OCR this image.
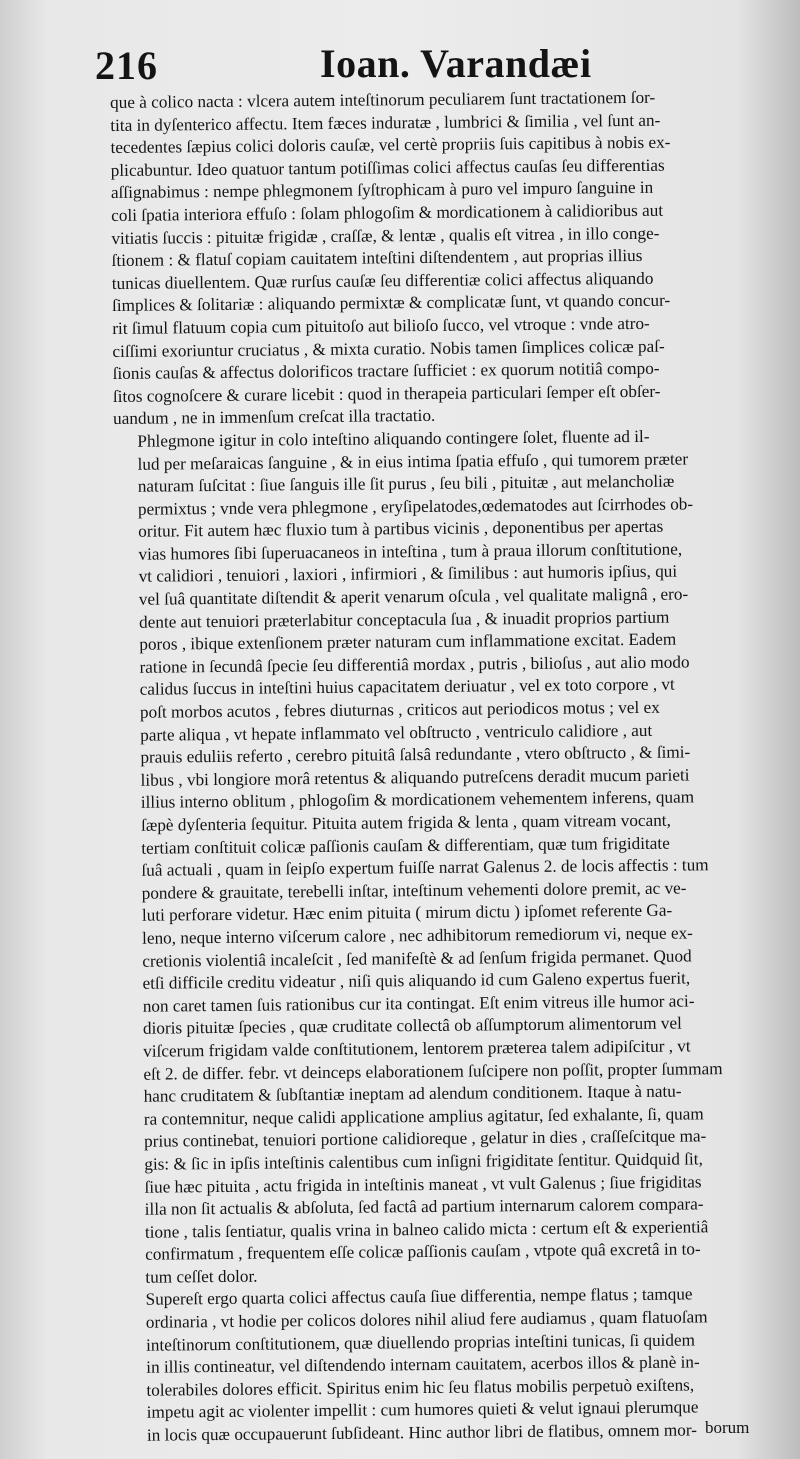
216	Ioan. Varandæi

que à colico nacta : vlcera autem inteſtinorum peculiarem ſunt tractationem ſor-
tita in dyſenterico affectu. Item fæces induratæ , lumbrici & ſimilia , vel ſunt an-
tecedentes ſæpius colici doloris cauſæ, vel certè propriis ſuis capitibus à nobis ex-
plicabuntur. Ideo quatuor tantum potiſſimas colici affectus cauſas ſeu differentias
aſſignabimus : nempe phlegmonem ſyſtrophicam à puro vel impuro ſanguine in
coli ſpatia interiora effuſo : ſolam phlogoſim & mordicationem à calidioribus aut
vitiatis ſuccis : pituitæ frigidæ , craſſæ, & lentæ , qualis eſt vitrea , in illo conge-
ſtionem : & flatuſ copiam cauitatem inteſtini diſtendentem , aut proprias illius
tunicas diuellentem. Quæ rurſus cauſæ ſeu differentiæ colici affectus aliquando
ſimplices & ſolitariæ : aliquando permixtæ & complicatæ ſunt, vt quando concur-
rit ſimul flatuum copia cum pituitoſo aut bilioſo ſucco, vel vtroque : vnde atro-
ciſſimi exoriuntur cruciatus , & mixta curatio. Nobis tamen ſimplices colicæ paſ-
ſionis cauſas & affectus dolorificos tractare ſufficiet : ex quorum notitiâ compo-
ſitos cognoſcere & curare licebit : quod in therapeia particulari ſemper eſt obſer-
uandum , ne in immenſum creſcat illa tractatio.

Phlegmone igitur in colo inteſtino aliquando contingere ſolet, fluente ad il-
lud per meſaraicas ſanguine , & in eius intima ſpatia effuſo , qui tumorem præter
naturam ſuſcitat : ſiue ſanguis ille ſit purus , ſeu bili , pituitæ , aut melancholiæ
permixtus ; vnde vera phlegmone , eryſipelatodes,œdematodes aut ſcirrhodes ob-
oritur. Fit autem hæc fluxio tum à partibus vicinis , deponentibus per apertas
vias humores ſibi ſuperuacaneos in inteſtina , tum à praua illorum conſtitutione,
vt calidiori , tenuiori , laxiori , infirmiori , & ſimilibus : aut humoris ipſius, qui
vel ſuâ quantitate diſtendit & aperit venarum oſcula , vel qualitate malignâ , ero-
dente aut tenuiori præterlabitur conceptacula ſua , & inuadit proprios partium
poros , ibique extenſionem præter naturam cum inflammatione excitat. Eadem
ratione in ſecundâ ſpecie ſeu differentiâ mordax , putris , bilioſus , aut alio modo
calidus ſuccus in inteſtini huius capacitatem deriuatur , vel ex toto corpore , vt
poſt morbos acutos , febres diuturnas , criticos aut periodicos motus ; vel ex
parte aliqua , vt hepate inflammato vel obſtructo , ventriculo calidiore , aut
prauis eduliis referto , cerebro pituitâ ſalsâ redundante , vtero obſtructo , & ſimi-
libus , vbi longiore morâ retentus & aliquando putreſcens deradit mucum parieti
illius interno oblitum , phlogoſim & mordicationem vehementem inferens, quam
ſæpè dyſenteria ſequitur. Pituita autem frigida & lenta , quam vitream vocant,
tertiam conſtituit colicæ paſſionis cauſam & differentiam, quæ tum frigiditate
ſuâ actuali , quam in ſeipſo expertum fuiſſe narrat Galenus 2. de locis affectis : tum
pondere & grauitate, terebelli inſtar, inteſtinum vehementi dolore premit, ac ve-
luti perforare videtur. Hæc enim pituita ( mirum dictu ) ipſomet referente Ga-
leno, neque interno viſcerum calore , nec adhibitorum remediorum vi, neque ex-
cretionis violentiâ incaleſcit , ſed manifeſtè & ad ſenſum frigida permanet. Quod
etſi difficile creditu videatur , niſi quis aliquando id cum Galeno expertus fuerit,
non caret tamen ſuis rationibus cur ita contingat. Eſt enim vitreus ille humor aci-
dioris pituitæ ſpecies , quæ cruditate collectâ ob aſſumptorum alimentorum vel
viſcerum frigidam valde conſtitutionem, lentorem præterea talem adipiſcitur , vt
eſt 2. de differ. febr. vt deinceps elaborationem ſuſcipere non poſſit, propter ſummam
hanc cruditatem & ſubſtantiæ ineptam ad alendum conditionem. Itaque à natu-
ra contemnitur, neque calidi applicatione amplius agitatur, ſed exhalante, ſi, quam
prius continebat, tenuiori portione calidioreque , gelatur in dies , craſſeſcitque ma-
gis: & ſic in ipſis inteſtinis calentibus cum inſigni frigiditate ſentitur. Quidquid ſit,
ſiue hæc pituita , actu frigida in inteſtinis maneat , vt vult Galenus ; ſiue frigiditas
illa non ſit actualis & abſoluta, ſed factâ ad partium internarum calorem compara-
tione , talis ſentiatur, qualis vrina in balneo calido micta : certum eſt & experientiâ
confirmatum , frequentem eſſe colicæ paſſionis cauſam , vtpote quâ excretâ in to-
tum ceſſet dolor.

Supereſt ergo quarta colici affectus cauſa ſiue differentia, nempe flatus ; tamque
ordinaria , vt hodie per colicos dolores nihil aliud fere audiamus , quam flatuoſam
inteſtinorum conſtitutionem, quæ diuellendo proprias inteſtini tunicas, ſi quidem
in illis contineatur, vel diſtendendo internam cauitatem, acerbos illos & planè in-
tolerabiles dolores efficit. Spiritus enim hic ſeu flatus mobilis perpetuò exiſtens,
impetu agit ac violenter impellit : cum humores quieti & velut ignaui plerumque
in locis quæ occupauerunt ſubſideant. Hinc author libri de flatibus, omnem mor- borum
